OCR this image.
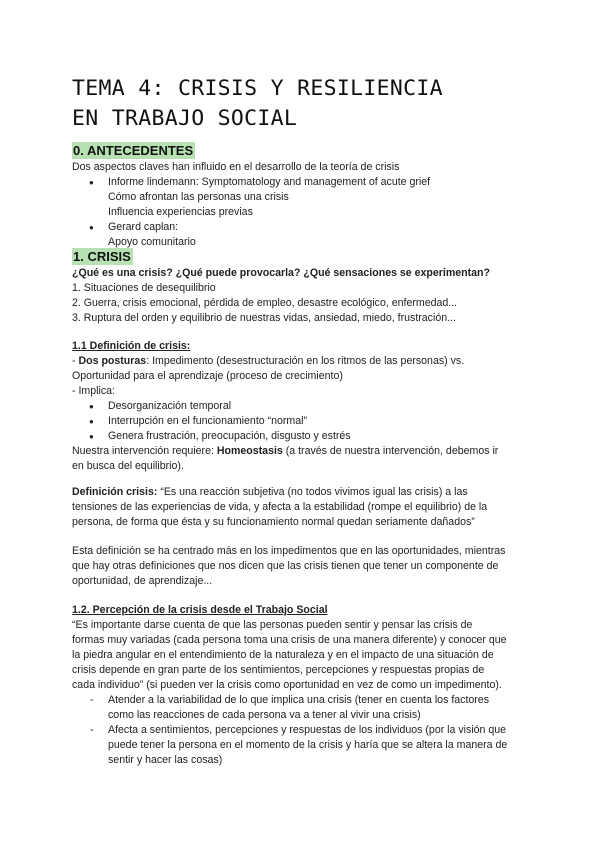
TEMA 4: CRISIS Y RESILIENCIA
EN TRABAJO SOCIAL
0. ANTECEDENTES
Dos aspectos claves han influido en el desarrollo de la teoría de crisis
● Informe lindemann: Symptomatology and management of acute grief
Cómo afrontan las personas una crisis
Influencia experiencias previas
● Gerard caplan:
Apoyo comunitario
1. CRISIS
¿Qué es una crisis? ¿Qué puede provocarla? ¿Qué sensaciones se experimentan?
1. Situaciones de desequilibrio
2. Guerra, crisis emocional, pérdida de empleo, desastre ecológico, enfermedad...
3. Ruptura del orden y equilibrio de nuestras vidas, ansiedad, miedo, frustración...
1.1 Definición de crisis:
- Dos posturas: Impedimento (desestructuración en los ritmos de las personas) vs.
Oportunidad para el aprendizaje (proceso de crecimiento)
- Implica:
● Desorganización temporal
● Interrupción en el funcionamiento “normal”
● Genera frustración, preocupación, disgusto y estrés
Nuestra intervención requiere: Homeostasis (a través de nuestra intervención, debemos ir
en busca del equilibrio).
Definición crisis: “Es una reacción subjetiva (no todos vivimos igual las crisis) a las
tensiones de las experiencias de vida, y afecta a la estabilidad (rompe el equilibrio) de la
persona, de forma que ésta y su funcionamiento normal quedan seriamente dañados”
Esta definición se ha centrado más en los impedimentos que en las oportunidades, mientras
que hay otras definiciones que nos dicen que las crisis tienen que tener un componente de
oportunidad, de aprendizaje...
1.2. Percepción de la crisis desde el Trabajo Social
“Es importante darse cuenta de que las personas pueden sentir y pensar las crisis de
formas muy variadas (cada persona toma una crisis de una manera diferente) y conocer que
la piedra angular en el entendimiento de la naturaleza y en el impacto de una situación de
crisis depende en gran parte de los sentimientos, percepciones y respuestas propias de
cada individuo” (si pueden ver la crisis como oportunidad en vez de como un impedimento).
- Atender a la variabilidad de lo que implica una crisis (tener en cuenta los factores
como las reacciones de cada persona va a tener al vivir una crisis)
- Afecta a sentimientos, percepciones y respuestas de los individuos (por la visión que
puede tener la persona en el momento de la crisis y haría que se altera la manera de
sentir y hacer las cosas)
